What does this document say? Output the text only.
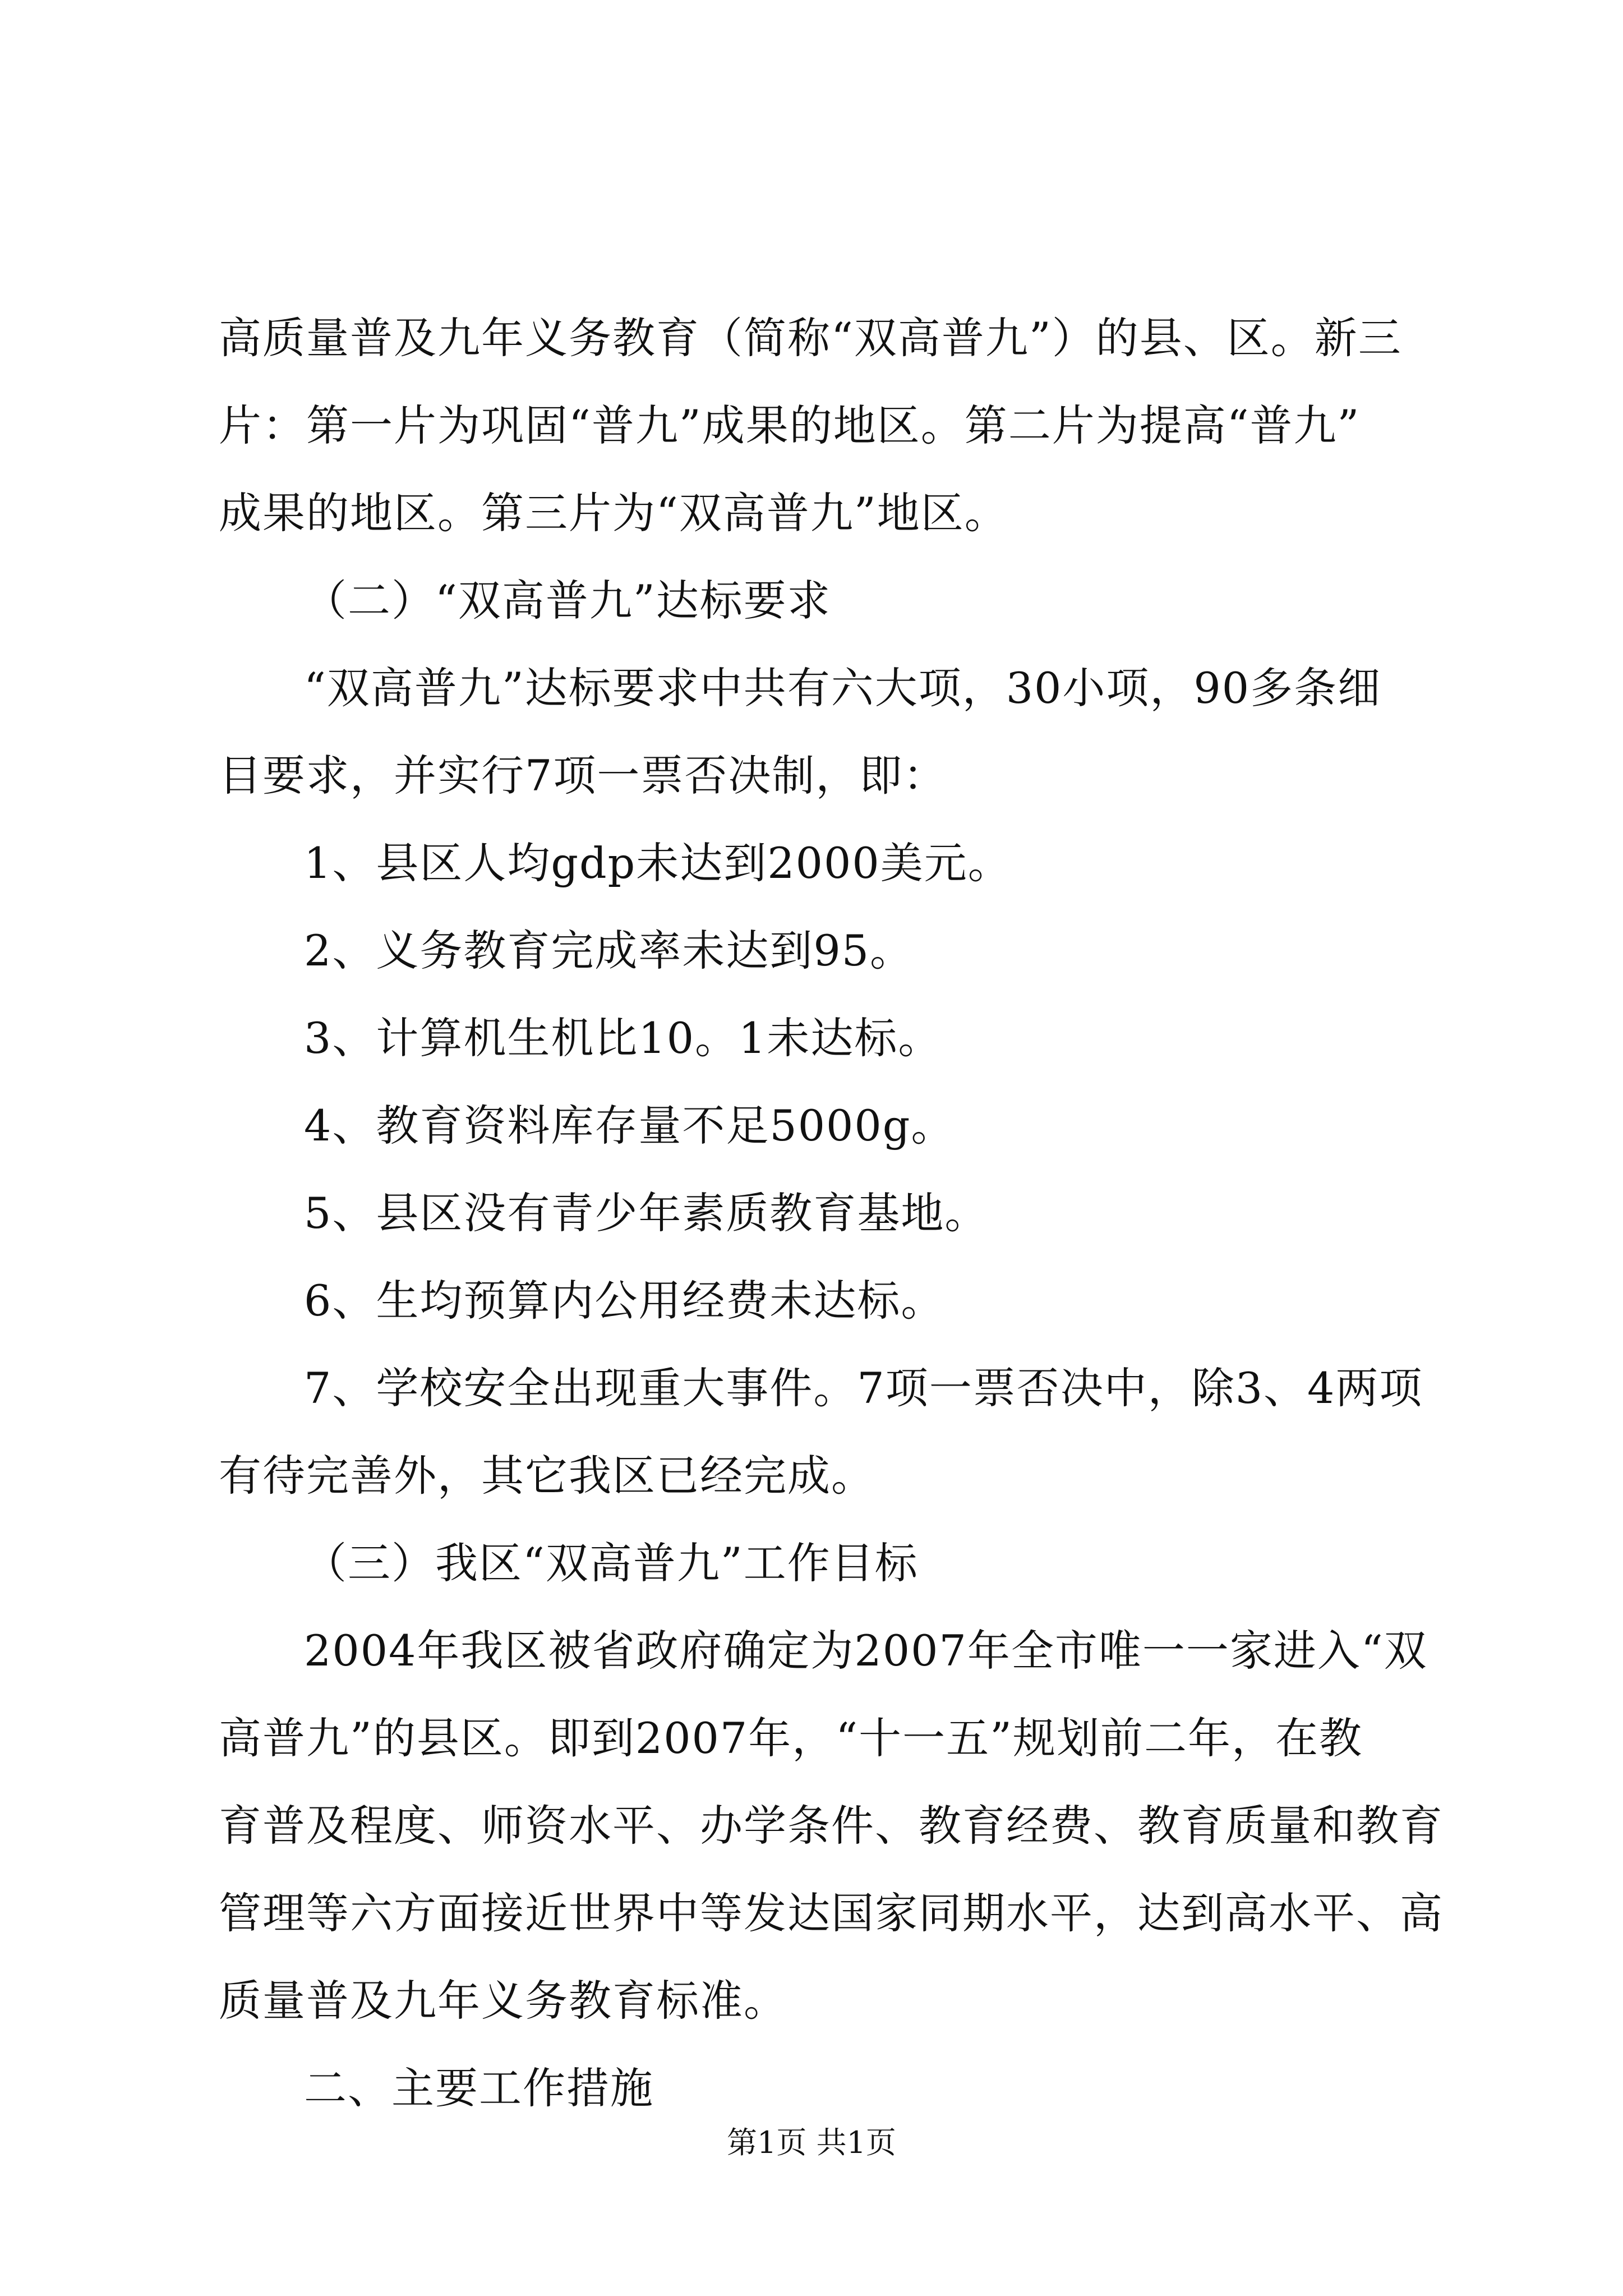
高质量普及九年义务教育（简称“双高普九”）的县、区。新三
片：第一片为巩固“普九”成果的地区。第二片为提高“普九”
成果的地区。第三片为“双高普九”地区。
（二）“双高普九”达标要求
“双高普九”达标要求中共有六大项，30小项，90多条细
目要求，并实行7项一票否决制，即：
1、县区人均gdp未达到2000美元。
2、义务教育完成率未达到95。
3、计算机生机比10。1未达标。
4、教育资料库存量不足5000g。
5、县区没有青少年素质教育基地。
6、生均预算内公用经费未达标。
7、学校安全出现重大事件。7项一票否决中，除3、4两项
有待完善外，其它我区已经完成。
（三）我区“双高普九”工作目标
2004年我区被省政府确定为2007年全市唯一一家进入“双
高普九”的县区。即到2007年，“十一五”规划前二年，在教
育普及程度、师资水平、办学条件、教育经费、教育质量和教育
管理等六方面接近世界中等发达国家同期水平，达到高水平、高
质量普及九年义务教育标准。
二、主要工作措施
第1页 共1页
